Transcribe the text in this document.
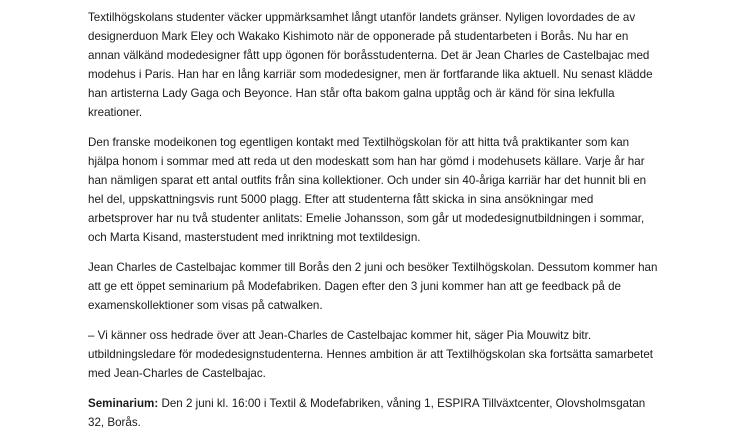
Textilhögskolans studenter väcker uppmärksamhet långt utanför landets gränser. Nyligen lovordades de av
designerduon Mark Eley och Wakako Kishimoto när de opponerade på studentarbeten i Borås. Nu har en
annan välkänd modedesigner fått upp ögonen för boråsstudenterna. Det är Jean Charles de Castelbajac med
modehus i Paris. Han har en lång karriär som modedesigner, men är fortfarande lika aktuell. Nu senast klädde
han artisterna Lady Gaga och Beyonce. Han står ofta bakom galna upptåg och är känd för sina lekfulla
kreationer.
Den franske modeikonen tog egentligen kontakt med Textilhögskolan för att hitta två praktikanter som kan
hjälpa honom i sommar med att reda ut den modeskatt som han har gömd i modehusets källare. Varje år har
han nämligen sparat ett antal outfits från sina kollektioner. Och under sin 40-åriga karriär har det hunnit bli en
hel del, uppskattningsvis runt 5000 plagg. Efter att studenterna fått skicka in sina ansökningar med
arbetsprover har nu två studenter anlitats: Emelie Johansson, som går ut modedesignutbildningen i sommar,
och Marta Kisand, masterstudent med inriktning mot textildesign.
Jean Charles de Castelbajac kommer till Borås den 2 juni och besöker Textilhögskolan. Dessutom kommer han
att ge ett öppet seminarium på Modefabriken. Dagen efter den 3 juni kommer han att ge feedback på de
examenskollektioner som visas på catwalken.
– Vi känner oss hedrade över att Jean-Charles de Castelbajac kommer hit, säger Pia Mouwitz bitr.
utbildningsledare för modedesignstudenterna. Hennes ambition är att Textilhögskolan ska fortsätta samarbetet
med Jean-Charles de Castelbajac.
Seminarium: Den 2 juni kl. 16:00 i Textil & Modefabriken, våning 1, ESPIRA Tillväxtcenter, Olovsholmsgatan
32, Borås.
